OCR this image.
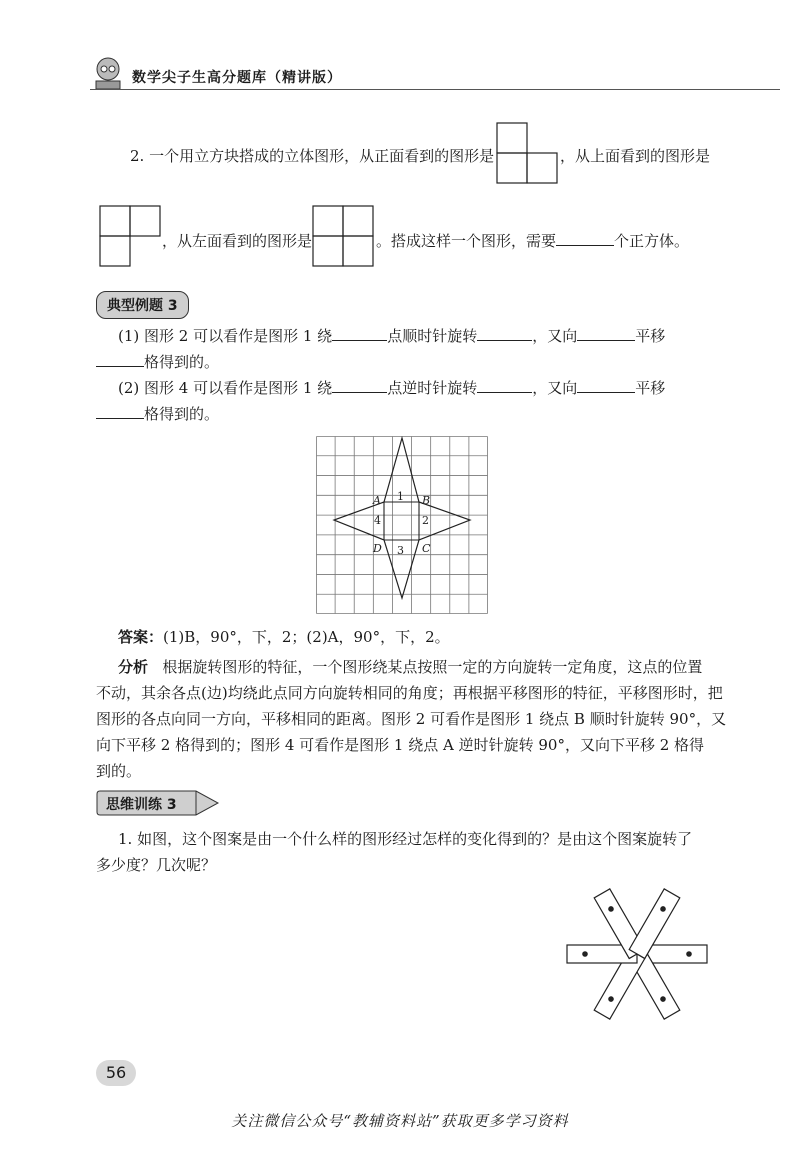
数学尖子生高分题库（精讲版）
2. 一个用立方块搭成的立体图形，从正面看到的图形是	，从上面看到的图形是
，从左面看到的图形是	。搭成这样一个图形，需要	个正方体。
典型例题 3
(1) 图形 2 可以看作是图形 1 绕	点顺时针旋转	，又向	平移
格得到的。
(2) 图形 4 可以看作是图形 1 绕	点逆时针旋转	，又向	平移
格得到的。
A	B
C
D
1
2
3
4
答案：(1)B，90°，下，2；(2)A，90°，下，2。
分析 根据旋转图形的特征，一个图形绕某点按照一定的方向旋转一定角度，这点的位置
不动，其余各点(边)均绕此点同方向旋转相同的角度；再根据平移图形的特征，平移图形时，把
图形的各点向同一方向，平移相同的距离。图形 2 可看作是图形 1 绕点 B 顺时针旋转 90°，又
向下平移 2 格得到的；图形 4 可看作是图形 1 绕点 A 逆时针旋转 90°，又向下平移 2 格得
到的。
思维训练 3
1. 如图，这个图案是由一个什么样的图形经过怎样的变化得到的？是由这个图案旋转了
多少度？几次呢？
56
关注微信公众号“教辅资料站”获取更多学习资料
